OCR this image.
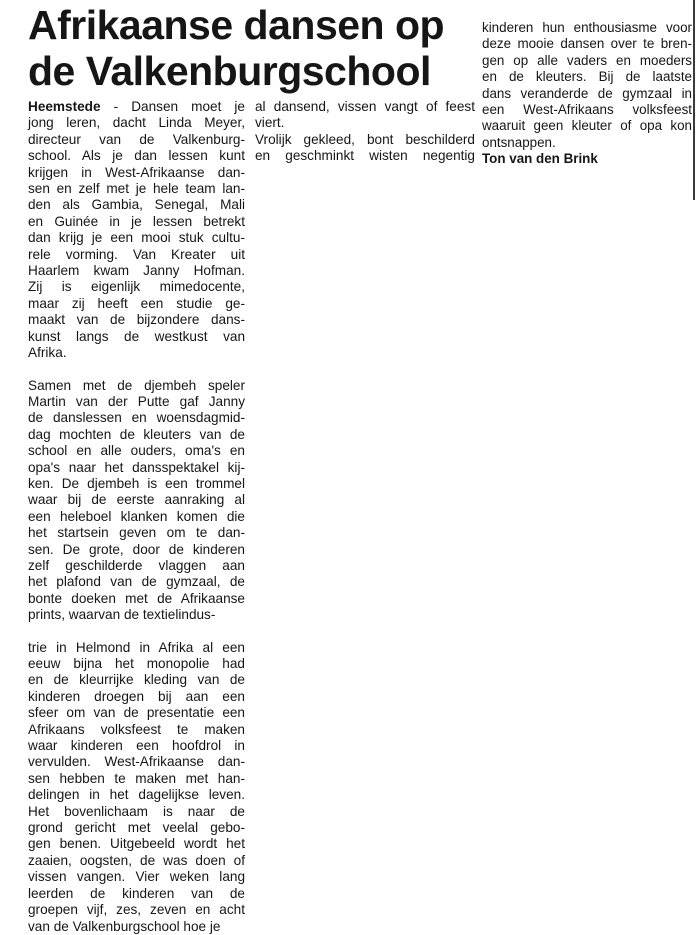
Afrikaanse dansen op
de Valkenburgschool
Heemstede - Dansen moet je
jong leren, dacht Linda Meyer,
directeur van de Valkenburg-
school. Als je dan lessen kunt
krijgen in West-Afrikaanse dan-
sen en zelf met je hele team lan-
den als Gambia, Senegal, Mali
en Guinée in je lessen betrekt
dan krijg je een mooi stuk cultu-
rele vorming. Van Kreater uit
Haarlem kwam Janny Hofman.
Zij is eigenlijk mimedocente,
maar zij heeft een studie ge-
maakt van de bijzondere dans-
kunst langs de westkust van
Afrika.
Samen met de djembeh speler
Martin van der Putte gaf Janny
de danslessen en woensdagmid-
dag mochten de kleuters van de
school en alle ouders, oma's en
opa's naar het dansspektakel kij-
ken. De djembeh is een trommel
waar bij de eerste aanraking al
een heleboel klanken komen die
het startsein geven om te dan-
sen. De grote, door de kinderen
zelf geschilderde vlaggen aan
het plafond van de gymzaal, de
bonte doeken met de Afrikaanse
prints, waarvan de textielindus-
trie in Helmond in Afrika al een
eeuw bijna het monopolie had
en de kleurrijke kleding van de
kinderen droegen bij aan een
sfeer om van de presentatie een
Afrikaans volksfeest te maken
waar kinderen een hoofdrol in
vervulden. West-Afrikaanse dan-
sen hebben te maken met han-
delingen in het dagelijkse leven.
Het bovenlichaam is naar de
grond gericht met veelal gebo-
gen benen. Uitgebeeld wordt het
zaaien, oogsten, de was doen of
vissen vangen. Vier weken lang
leerden de kinderen van de
groepen vijf, zes, zeven en acht
van de Valkenburgschool hoe je
al dansend, vissen vangt of feest
viert.
Vrolijk gekleed, bont beschilderd
en geschminkt wisten negentig
kinderen hun enthousiasme voor
deze mooie dansen over te bren-
gen op alle vaders en moeders
en de kleuters. Bij de laatste
dans veranderde de gymzaal in
een West-Afrikaans volksfeest
waaruit geen kleuter of opa kon
ontsnappen.
Ton van den Brink
